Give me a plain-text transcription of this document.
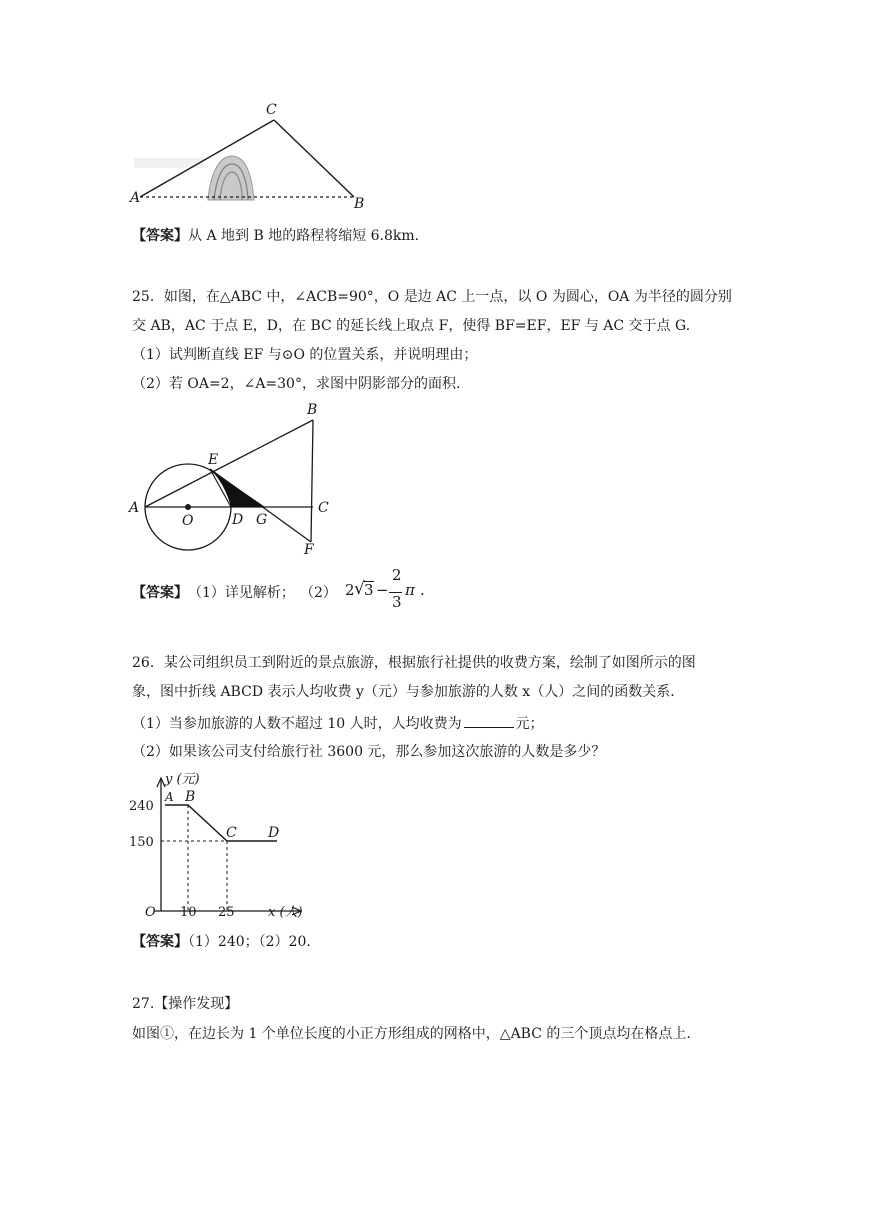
A
C
B
【答案】从 A 地到 B 地的路程将缩短 6.8km.
25．如图，在△ABC 中，∠ACB=90°，O 是边 AC 上一点，以 O 为圆心，OA 为半径的圆分别
交 AB，AC 于点 E，D，在 BC 的延长线上取点 F，使得 BF=EF，EF 与 AC 交于点 G.
（1）试判断直线 EF 与⊙O 的位置关系，并说明理由；
（2）若 OA=2，∠A=30°，求图中阴影部分的面积.
A
B
C
D
E
F
G
O
【答案】 （1）详见解析； （2） 2 √ 3 −
2
3
π .
26．某公司组织员工到附近的景点旅游，根据旅行社提供的收费方案，绘制了如图所示的图
象，图中折线 ABCD 表示人均收费 y（元）与参加旅游的人数 x（人）之间的函数关系.
（1）当参加旅游的人数不超过 10 人时，人均收费为	元；
（2）如果该公司支付给旅行社 3600 元，那么参加这次旅游的人数是多少？
y (元)
x (人)
O
240
150
10 25
A B
C D
【答案】（1）240；（2）20.
27.【操作发现】
如图①，在边长为 1 个单位长度的小正方形组成的网格中，△ABC 的三个顶点均在格点上.
